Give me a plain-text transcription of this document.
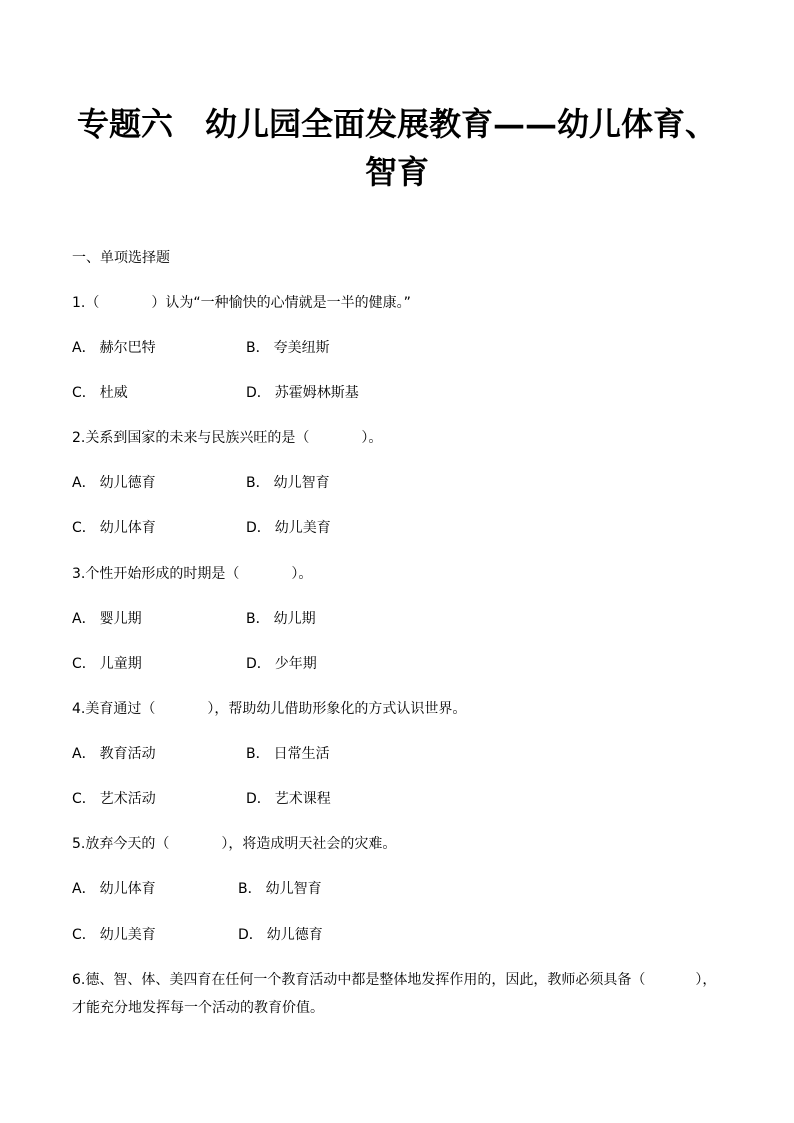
专题六　幼儿园全面发展教育——幼儿体育、
智育
一、单项选择题
1.（	）认为“一种愉快的心情就是一半的健康。”
A． 赫尔巴特	B． 夸美纽斯
C． 杜威	D． 苏霍姆林斯基
2.关系到国家的未来与民族兴旺的是（	）。
A． 幼儿德育	B． 幼儿智育
C． 幼儿体育	D． 幼儿美育
3.个性开始形成的时期是（	）。
A． 婴儿期	B． 幼儿期
C． 儿童期	D． 少年期
4.美育通过（	），帮助幼儿借助形象化的方式认识世界。
A． 教育活动	B． 日常生活
C． 艺术活动	D． 艺术课程
5.放弃今天的（	），将造成明天社会的灾难。
A． 幼儿体育	B． 幼儿智育
C． 幼儿美育	D． 幼儿德育
6.德、智、体、美四育在任何一个教育活动中都是整体地发挥作用的，因此，教师必须具备（	），
才能充分地发挥每一个活动的教育价值。
